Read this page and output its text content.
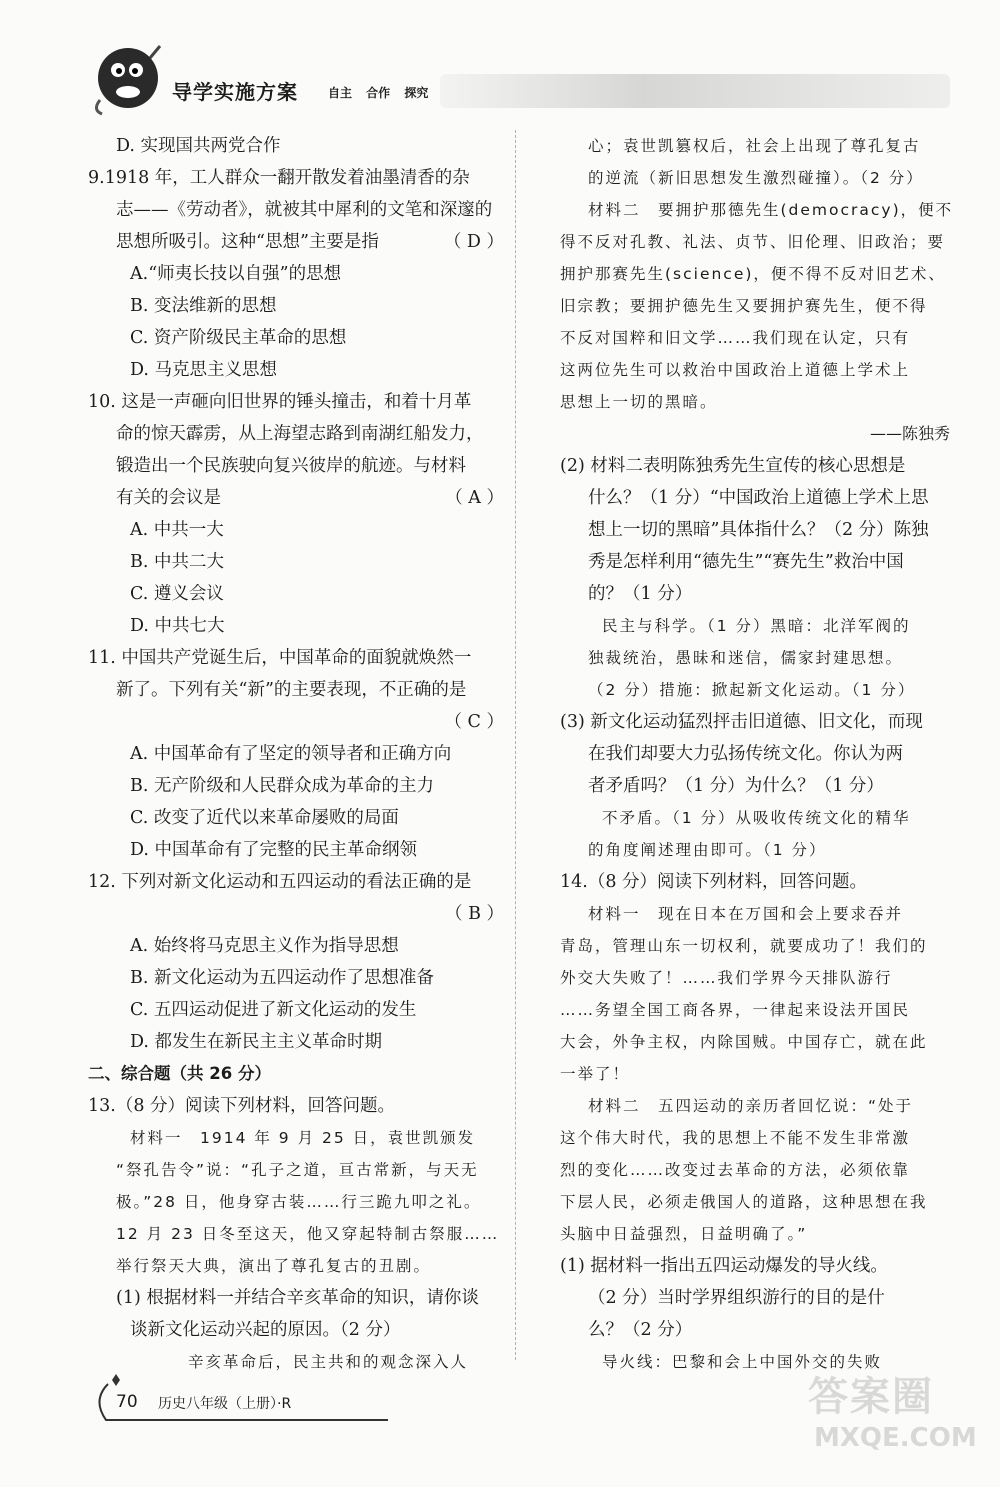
导学实施方案	自主 合作 探究
D. 实现国共两党合作
9.1918 年，工人群众一翻开散发着油墨清香的杂
志——《劳动者》，就被其中犀利的文笔和深邃的
思想所吸引。这种“思想”主要是指	（ D ）
A.“师夷长技以自强”的思想
B. 变法维新的思想
C. 资产阶级民主革命的思想
D. 马克思主义思想
10. 这是一声砸向旧世界的锤头撞击，和着十月革
命的惊天霹雳，从上海望志路到南湖红船发力，
锻造出一个民族驶向复兴彼岸的航迹。与材料
有关的会议是	（ A ）
A. 中共一大
B. 中共二大
C. 遵义会议
D. 中共七大
11. 中国共产党诞生后，中国革命的面貌就焕然一
新了。下列有关“新”的主要表现，不正确的是
（ C ）
A. 中国革命有了坚定的领导者和正确方向
B. 无产阶级和人民群众成为革命的主力
C. 改变了近代以来革命屡败的局面
D. 中国革命有了完整的民主革命纲领
12. 下列对新文化运动和五四运动的看法正确的是
（ B ）
A. 始终将马克思主义作为指导思想
B. 新文化运动为五四运动作了思想准备
C. 五四运动促进了新文化运动的发生
D. 都发生在新民主主义革命时期
二、综合题（共 26 分）
13.（8 分）阅读下列材料，回答问题。
材料一　1914 年 9 月 25 日，袁世凯颁发
“祭孔告令”说：“孔子之道，亘古常新，与天无
极。”28 日，他身穿古装……行三跪九叩之礼。
12 月 23 日冬至这天，他又穿起特制古祭服……
举行祭天大典，演出了尊孔复古的丑剧。
(1) 根据材料一并结合辛亥革命的知识，请你谈
谈新文化运动兴起的原因。（2 分）
辛亥革命后，民主共和的观念深入人
心；袁世凯篡权后，社会上出现了尊孔复古
的逆流（新旧思想发生激烈碰撞）。（2 分）
材料二　要拥护那德先生(democracy)，便不
得不反对孔教、礼法、贞节、旧伦理、旧政治；要
拥护那赛先生(science)，便不得不反对旧艺术、
旧宗教；要拥护德先生又要拥护赛先生，便不得
不反对国粹和旧文学……我们现在认定，只有
这两位先生可以救治中国政治上道德上学术上
思想上一切的黑暗。
——陈独秀
(2) 材料二表明陈独秀先生宣传的核心思想是
什么？（1 分）“中国政治上道德上学术上思
想上一切的黑暗”具体指什么？（2 分）陈独
秀是怎样利用“德先生”“赛先生”救治中国
的？（1 分）
民主与科学。（1 分）黑暗：北洋军阀的
独裁统治，愚昧和迷信，儒家封建思想。
（2 分）措施：掀起新文化运动。（1 分）
(3) 新文化运动猛烈抨击旧道德、旧文化，而现
在我们却要大力弘扬传统文化。你认为两
者矛盾吗？（1 分）为什么？（1 分）
不矛盾。（1 分）从吸收传统文化的精华
的角度阐述理由即可。（1 分）
14.（8 分）阅读下列材料，回答问题。
材料一　现在日本在万国和会上要求吞并
青岛，管理山东一切权利，就要成功了！我们的
外交大失败了！……我们学界今天排队游行
……务望全国工商各界，一律起来设法开国民
大会，外争主权，内除国贼。中国存亡，就在此
一举了！
材料二　五四运动的亲历者回忆说：“处于
这个伟大时代，我的思想上不能不发生非常激
烈的变化……改变过去革命的方法，必须依靠
下层人民，必须走俄国人的道路，这种思想在我
头脑中日益强烈，日益明确了。”
(1) 据材料一指出五四运动爆发的导火线。
（2 分）当时学界组织游行的目的是什
么？（2 分）
导火线：巴黎和会上中国外交的失败
70 历史八年级（上册）·R	答案圈
MXQE.COM
